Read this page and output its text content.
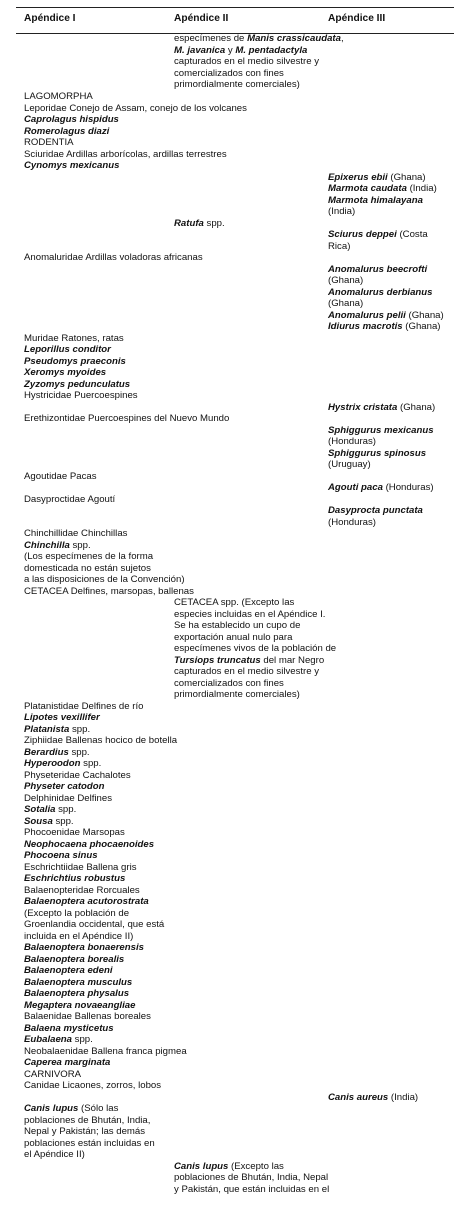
Apéndice I	Apéndice II	Apéndice III
especímenes de Manis crassicaudata,
M. javanica y M. pentadactyla
capturados en el medio silvestre y
comercializados con fines
primordialmente comerciales)
LAGOMORPHA
Leporidae Conejo de Assam, conejo de los volcanes
Caprolagus hispidus
Romerolagus diazi
RODENTIA
Sciuridae Ardillas arborícolas, ardillas terrestres
Cynomys mexicanus
Epixerus ebii (Ghana)
Marmota caudata (India)
Marmota himalayana
(India)
Ratufa spp.
Sciurus deppei (Costa
Rica)
Anomaluridae Ardillas voladoras africanas
Anomalurus beecrofti
(Ghana)
Anomalurus derbianus
(Ghana)
Anomalurus pelii (Ghana)
Idiurus macrotis (Ghana)
Muridae Ratones, ratas
Leporillus conditor
Pseudomys praeconis
Xeromys myoides
Zyzomys pedunculatus
Hystricidae Puercoespines
Hystrix cristata (Ghana)
Erethizontidae Puercoespines del Nuevo Mundo
Sphiggurus mexicanus
(Honduras)
Sphiggurus spinosus
(Uruguay)
Agoutidae Pacas
Agouti paca (Honduras)
Dasyproctidae Agoutí
Dasyprocta punctata
(Honduras)
Chinchillidae Chinchillas
Chinchilla spp.
(Los especímenes de la forma
domesticada no están sujetos
a las disposiciones de la Convención)
CETACEA Delfines, marsopas, ballenas
CETACEA spp. (Excepto las
especies incluidas en el Apéndice I.
Se ha establecido un cupo de
exportación anual nulo para
especímenes vivos de la población de
Tursiops truncatus del mar Negro
capturados en el medio silvestre y
comercializados con fines
primordialmente comerciales)
Platanistidae Delfines de río
Lipotes vexillifer
Platanista spp.
Ziphiidae Ballenas hocico de botella
Berardius spp.
Hyperoodon spp.
Physeteridae Cachalotes
Physeter catodon
Delphinidae Delfines
Sotalia spp.
Sousa spp.
Phocoenidae Marsopas
Neophocaena phocaenoides
Phocoena sinus
Eschrichtiidae Ballena gris
Eschrichtius robustus
Balaenopteridae Rorcuales
Balaenoptera acutorostrata
(Excepto la población de
Groenlandia occidental, que está
incluida en el Apéndice II)
Balaenoptera bonaerensis
Balaenoptera borealis
Balaenoptera edeni
Balaenoptera musculus
Balaenoptera physalus
Megaptera novaeangliae
Balaenidae Ballenas boreales
Balaena mysticetus
Eubalaena spp.
Neobalaenidae Ballena franca pigmea
Caperea marginata
CARNIVORA
Canidae Licaones, zorros, lobos
Canis aureus (India)
Canis lupus (Sólo las
poblaciones de Bhután, India,
Nepal y Pakistán; las demás
poblaciones están incluidas en
el Apéndice II)
Canis lupus (Excepto las
poblaciones de Bhután, India, Nepal
y Pakistán, que están incluidas en el
